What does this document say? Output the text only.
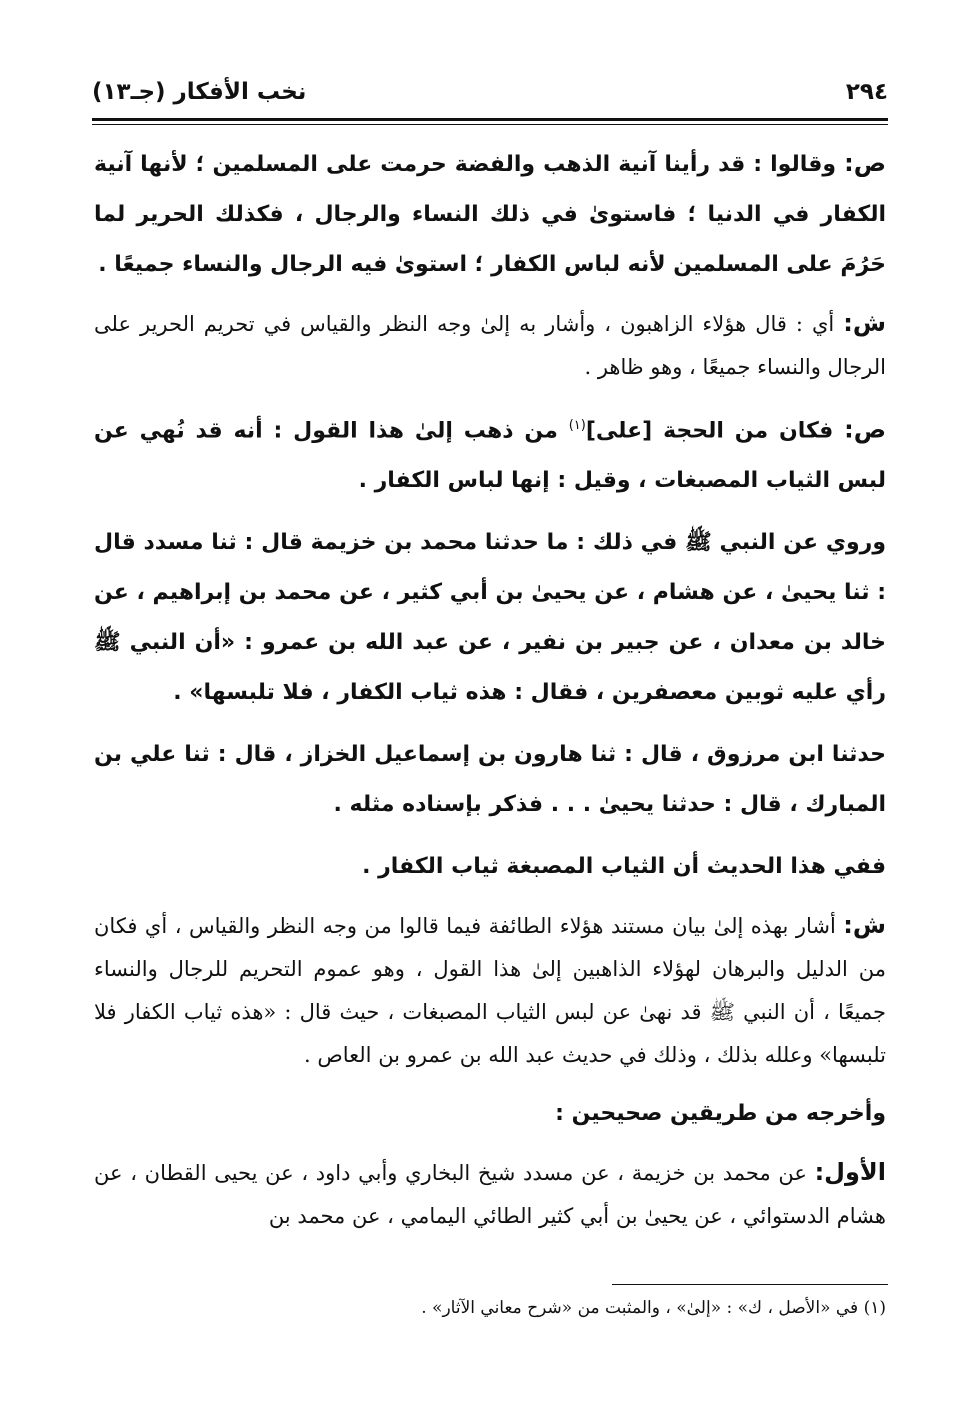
٢٩٤
نخب الأفكار (جـ١٣)

ص: وقالوا : قد رأينا آنية الذهب والفضة حرمت على المسلمين ؛ لأنها آنية الكفار في الدنيا ؛ فاستوىٰ في ذلك النساء والرجال ، فكذلك الحرير لما حَرُمَ على المسلمين لأنه لباس الكفار ؛ استوىٰ فيه الرجال والنساء جميعًا .

ش: أي : قال هؤلاء الزاهبون ، وأشار به إلىٰ وجه النظر والقياس في تحريم الحرير على الرجال والنساء جميعًا ، وهو ظاهر .

ص: فكان من الحجة [على]$^{(١)}$ من ذهب إلىٰ هذا القول : أنه قد نُهي عن لبس الثياب المصبغات ، وقيل : إنها لباس الكفار .

وروي عن النبي ﷺ في ذلك : ما حدثنا محمد بن خزيمة قال : ثنا مسدد قال : ثنا يحيىٰ ، عن هشام ، عن يحيىٰ بن أبي كثير ، عن محمد بن إبراهيم ، عن خالد بن معدان ، عن جبير بن نفير ، عن عبد الله بن عمرو : «أن النبي ﷺ رأي عليه ثوبين معصفرين ، فقال : هذه ثياب الكفار ، فلا تلبسها» .

حدثنا ابن مرزوق ، قال : ثنا هارون بن إسماعيل الخزاز ، قال : ثنا علي بن المبارك ، قال : حدثنا يحيىٰ . . . فذكر بإسناده مثله .

ففي هذا الحديث أن الثياب المصبغة ثياب الكفار .

ش: أشار بهذه إلىٰ بيان مستند هؤلاء الطائفة فيما قالوا من وجه النظر والقياس ، أي فكان من الدليل والبرهان لهؤلاء الذاهبين إلىٰ هذا القول ، وهو عموم التحريم للرجال والنساء جميعًا ، أن النبي ﷺ قد نهىٰ عن لبس الثياب المصبغات ، حيث قال : «هذه ثياب الكفار فلا تلبسها» وعلله بذلك ، وذلك في حديث عبد الله بن عمرو بن العاص .

وأخرجه من طريقين صحيحين :

الأول: عن محمد بن خزيمة ، عن مسدد شيخ البخاري وأبي داود ، عن يحيى القطان ، عن هشام الدستوائي ، عن يحيىٰ بن أبي كثير الطائي اليمامي ، عن محمد بن

(١) في «الأصل ، ك» : «إلىٰ» ، والمثبت من «شرح معاني الآثار» .
